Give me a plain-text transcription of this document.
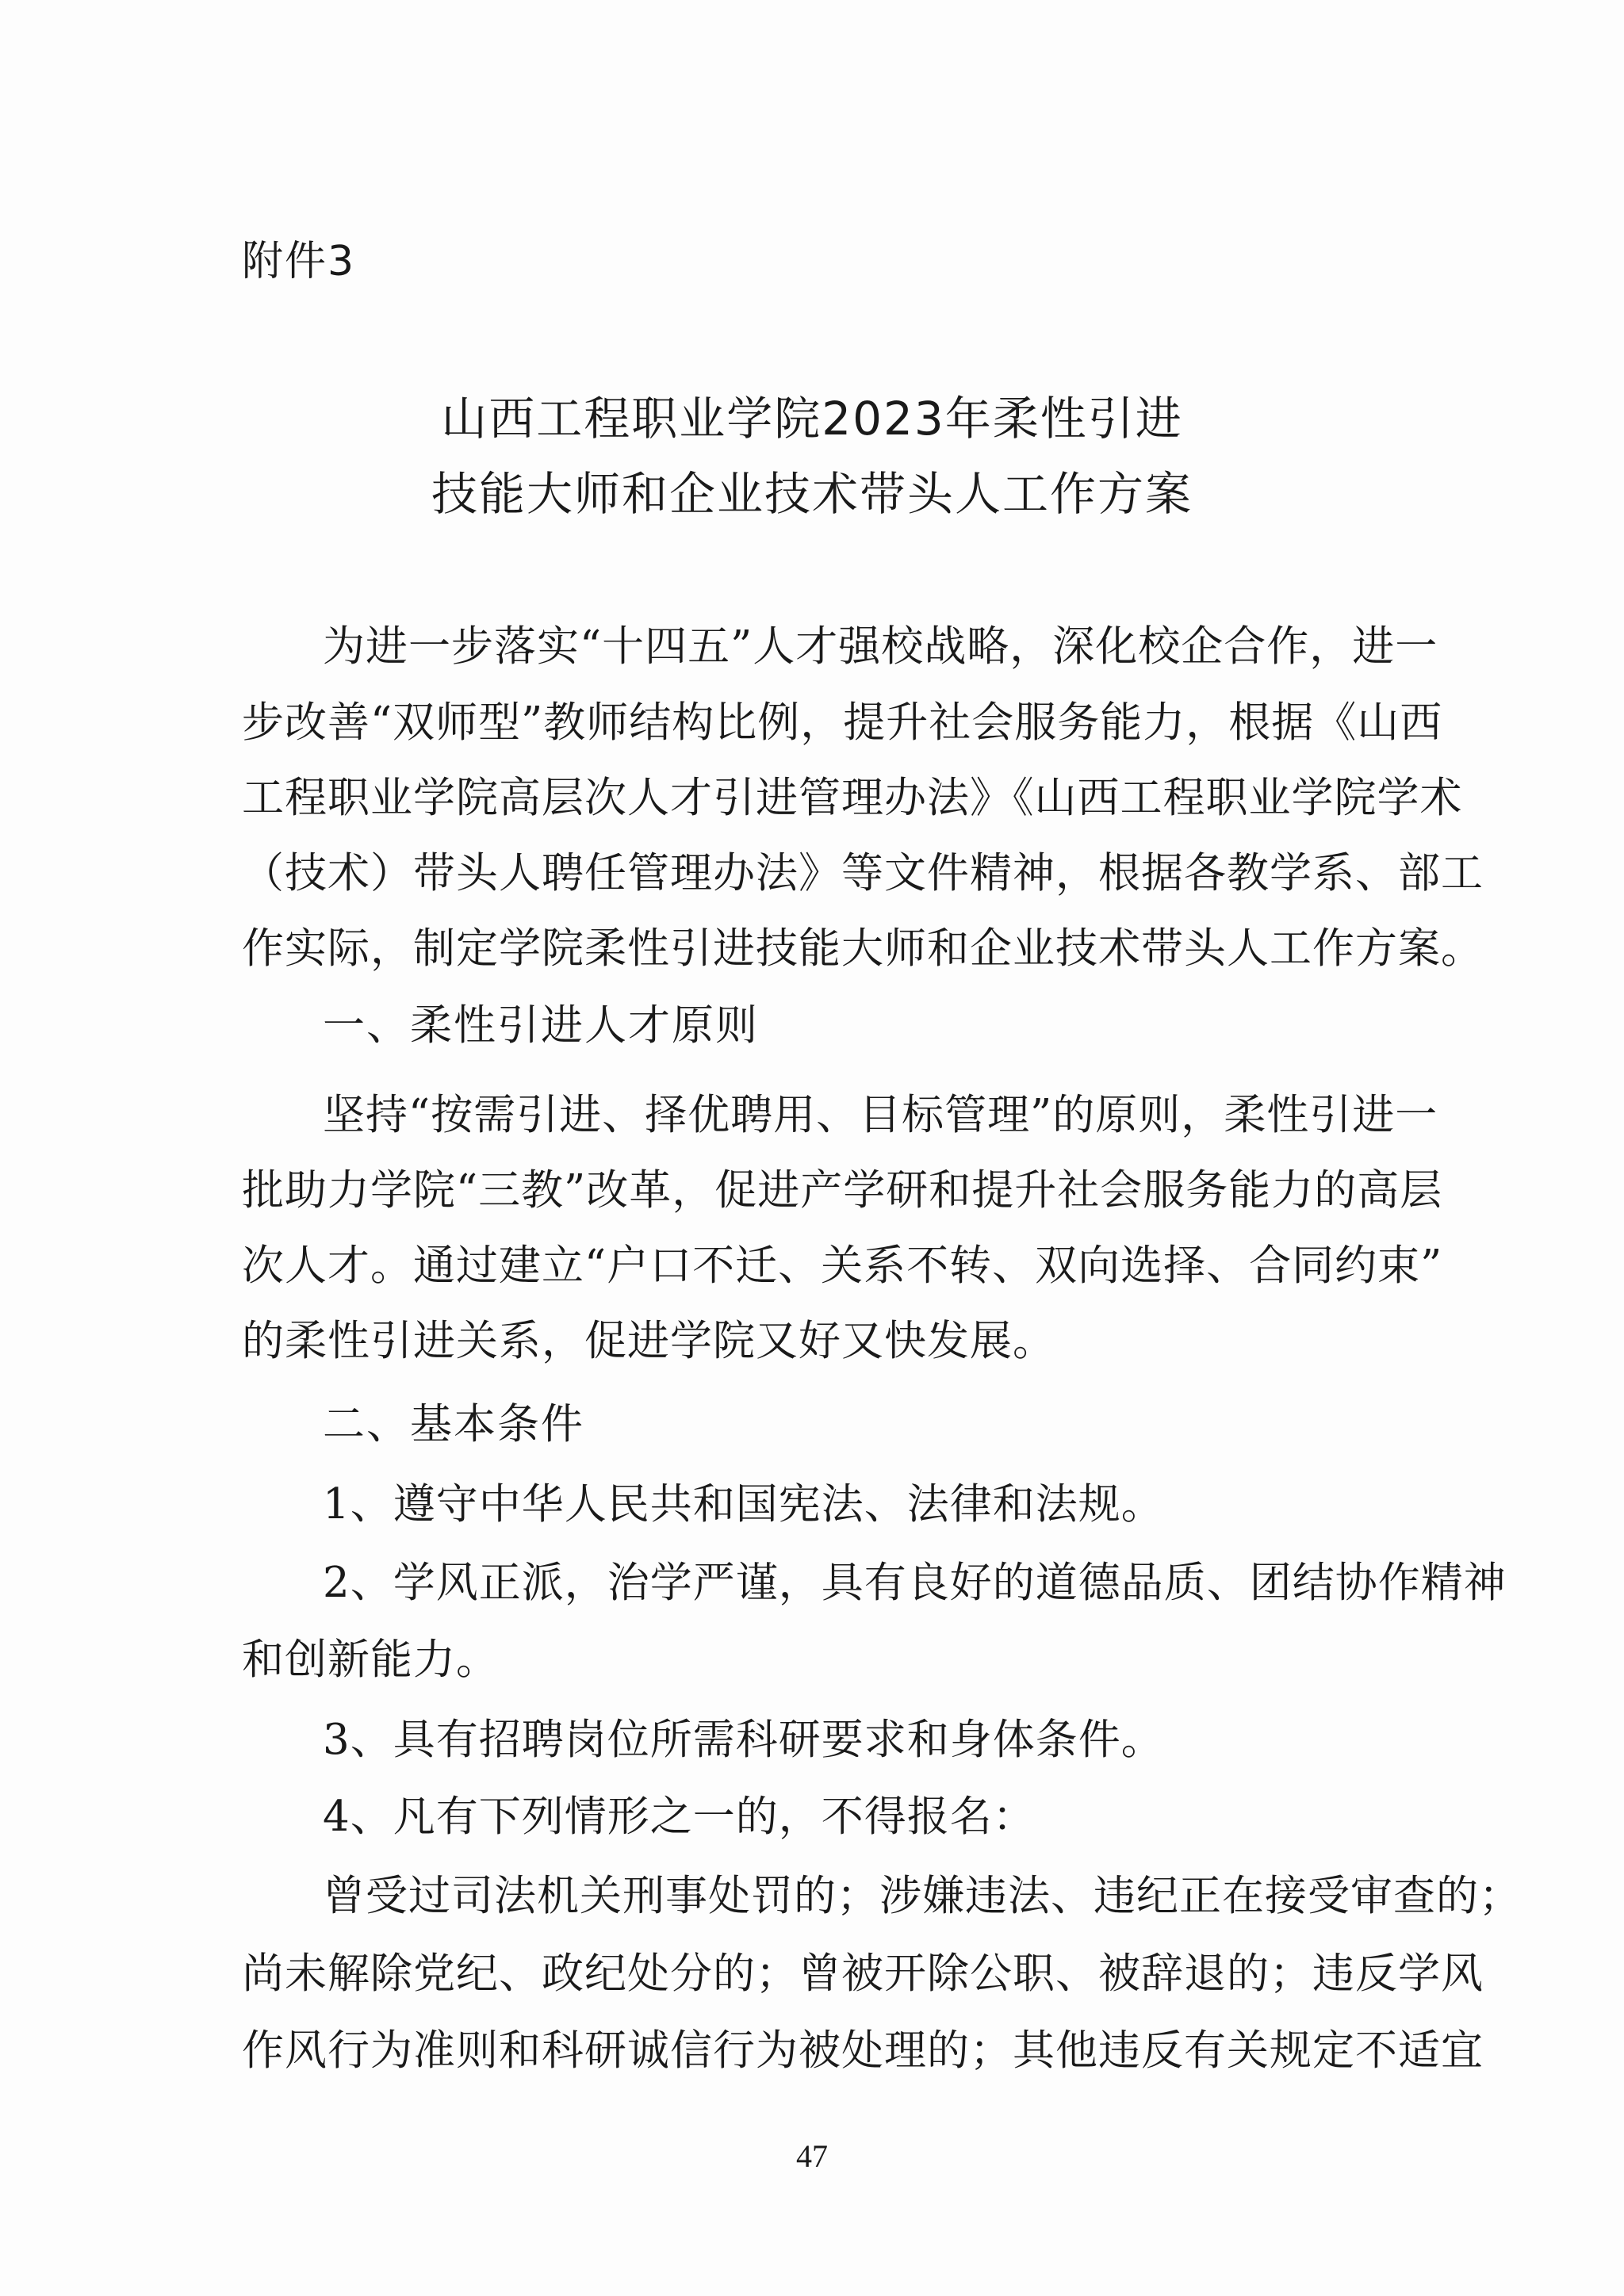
附件3
山西工程职业学院2023年柔性引进
技能大师和企业技术带头人工作方案
为进一步落实“十四五”人才强校战略，深化校企合作，进一
步改善“双师型”教师结构比例，提升社会服务能力，根据《山西
工程职业学院高层次人才引进管理办法》《山西工程职业学院学术
（技术）带头人聘任管理办法》等文件精神，根据各教学系、部工
作实际，制定学院柔性引进技能大师和企业技术带头人工作方案。
一、柔性引进人才原则
坚持“按需引进、择优聘用、目标管理”的原则，柔性引进一
批助力学院“三教”改革，促进产学研和提升社会服务能力的高层
次人才。通过建立“户口不迁、关系不转、双向选择、合同约束”
的柔性引进关系，促进学院又好又快发展。
二、基本条件
1、遵守中华人民共和国宪法、法律和法规。
2、学风正派，治学严谨，具有良好的道德品质、团结协作精神
和创新能力。
3、具有招聘岗位所需科研要求和身体条件。
4、凡有下列情形之一的，不得报名：
曾受过司法机关刑事处罚的；涉嫌违法、违纪正在接受审查的；
尚未解除党纪、政纪处分的；曾被开除公职、被辞退的；违反学风
作风行为准则和科研诚信行为被处理的；其他违反有关规定不适宜
47
